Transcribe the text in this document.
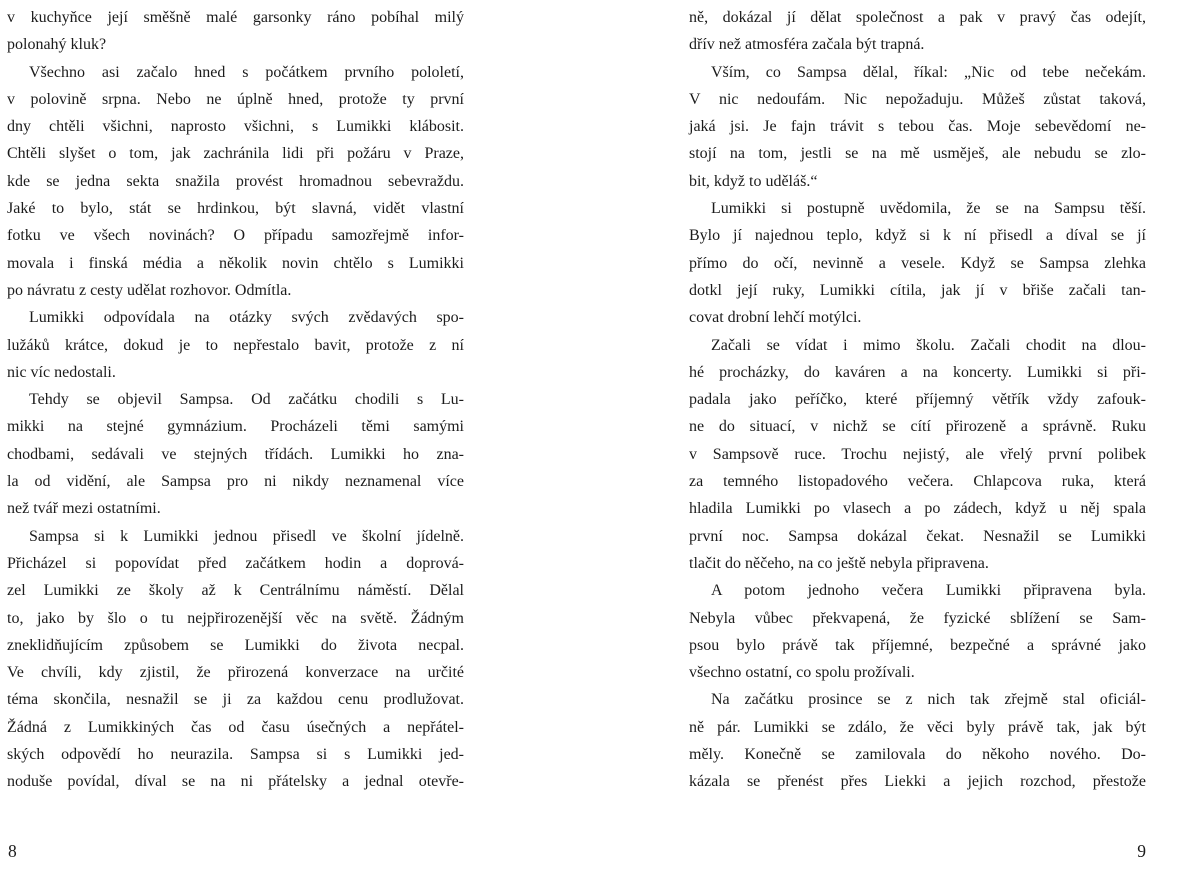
v kuchyňce její směšně malé garsonky ráno pobíhal milý
polonahý kluk?
Všechno asi začalo hned s počátkem prvního pololetí,
v polovině srpna. Nebo ne úplně hned, protože ty první
dny chtěli všichni, naprosto všichni, s Lumikki klábosit.
Chtěli slyšet o tom, jak zachránila lidi při požáru v Praze,
kde se jedna sekta snažila provést hromadnou sebevraždu.
Jaké to bylo, stát se hrdinkou, být slavná, vidět vlastní
fotku ve všech novinách? O případu samozřejmě infor-
movala i finská média a několik novin chtělo s Lumikki
po návratu z cesty udělat rozhovor. Odmítla.
Lumikki odpovídala na otázky svých zvědavých spo-
lužáků krátce, dokud je to nepřestalo bavit, protože z ní
nic víc nedostali.
Tehdy se objevil Sampsa. Od začátku chodili s Lu-
mikki na stejné gymnázium. Procházeli těmi samými
chodbami, sedávali ve stejných třídách. Lumikki ho zna-
la od vidění, ale Sampsa pro ni nikdy neznamenal více
než tvář mezi ostatními.
Sampsa si k Lumikki jednou přisedl ve školní jídelně.
Přicházel si popovídat před začátkem hodin a doprová-
zel Lumikki ze školy až k Centrálnímu náměstí. Dělal
to, jako by šlo o tu nejpřirozenější věc na světě. Žádným
zneklidňujícím způsobem se Lumikki do života necpal.
Ve chvíli, kdy zjistil, že přirozená konverzace na určité
téma skončila, nesnažil se ji za každou cenu prodlužovat.
Žádná z Lumikkiných čas od času úsečných a nepřátel-
ských odpovědí ho neurazila. Sampsa si s Lumikki jed-
noduše povídal, díval se na ni přátelsky a jednal otevře-
8
ně, dokázal jí dělat společnost a pak v pravý čas odejít,
dřív než atmosféra začala být trapná.
Vším, co Sampsa dělal, říkal: „Nic od tebe nečekám.
V nic nedoufám. Nic nepožaduju. Můžeš zůstat taková,
jaká jsi. Je fajn trávit s tebou čas. Moje sebevědomí ne-
stojí na tom, jestli se na mě usměješ, ale nebudu se zlo-
bit, když to uděláš.“
Lumikki si postupně uvědomila, že se na Sampsu těší.
Bylo jí najednou teplo, když si k ní přisedl a díval se jí
přímo do očí, nevinně a vesele. Když se Sampsa zlehka
dotkl její ruky, Lumikki cítila, jak jí v břiše začali tan-
covat drobní lehčí motýlci.
Začali se vídat i mimo školu. Začali chodit na dlou-
hé procházky, do kaváren a na koncerty. Lumikki si při-
padala jako peříčko, které příjemný větřík vždy zafouk-
ne do situací, v nichž se cítí přirozeně a správně. Ruku
v Sampsově ruce. Trochu nejistý, ale vřelý první polibek
za temného listopadového večera. Chlapcova ruka, která
hladila Lumikki po vlasech a po zádech, když u něj spala
první noc. Sampsa dokázal čekat. Nesnažil se Lumikki
tlačit do něčeho, na co ještě nebyla připravena.
A potom jednoho večera Lumikki připravena byla.
Nebyla vůbec překvapená, že fyzické sblížení se Sam-
psou bylo právě tak příjemné, bezpečné a správné jako
všechno ostatní, co spolu prožívali.
Na začátku prosince se z nich tak zřejmě stal oficiál-
ně pár. Lumikki se zdálo, že věci byly právě tak, jak být
měly. Konečně se zamilovala do někoho nového. Do-
kázala se přenést přes Liekki a jejich rozchod, přestože
9
